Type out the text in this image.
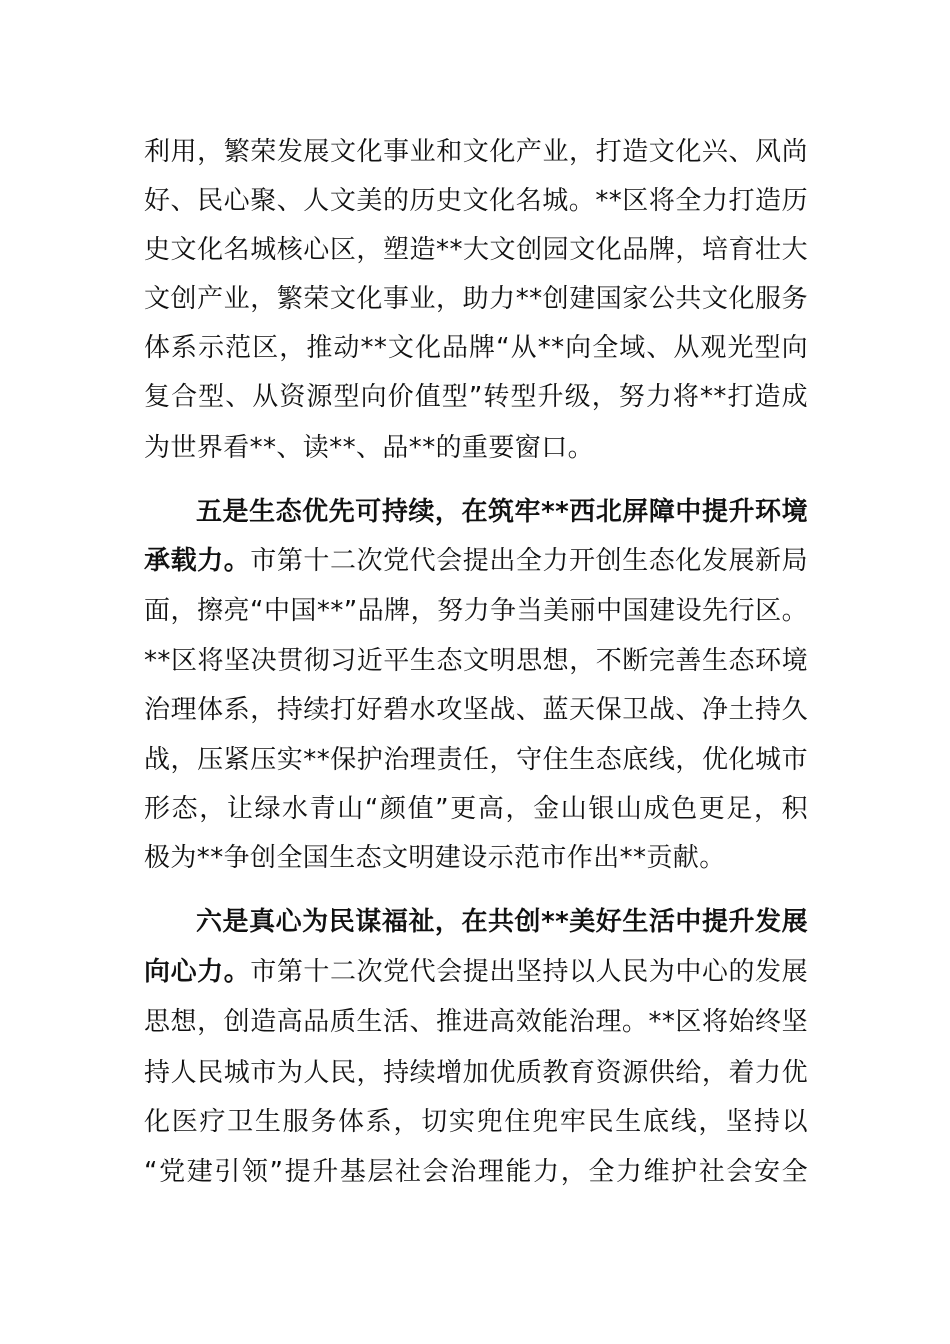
利用，繁荣发展文化事业和文化产业，打造文化兴、风尚
好、民心聚、人文美的历史文化名城。**区将全力打造历
史文化名城核心区，塑造**大文创园文化品牌，培育壮大
文创产业，繁荣文化事业，助力**创建国家公共文化服务
体系示范区，推动**文化品牌“从**向全域、从观光型向
复合型、从资源型向价值型”转型升级，努力将**打造成
为世界看**、读**、品**的重要窗口。
五是生态优先可持续，在筑牢**西北屏障中提升环境
承载力。市第十二次党代会提出全力开创生态化发展新局
面，擦亮“中国**”品牌，努力争当美丽中国建设先行区。
**区将坚决贯彻习近平生态文明思想，不断完善生态环境
治理体系，持续打好碧水攻坚战、蓝天保卫战、净土持久
战，压紧压实**保护治理责任，守住生态底线，优化城市
形态，让绿水青山“颜值”更高，金山银山成色更足，积
极为**争创全国生态文明建设示范市作出**贡献。
六是真心为民谋福祉，在共创**美好生活中提升发展
向心力。市第十二次党代会提出坚持以人民为中心的发展
思想，创造高品质生活、推进高效能治理。**区将始终坚
持人民城市为人民，持续增加优质教育资源供给，着力优
化医疗卫生服务体系，切实兜住兜牢民生底线，坚持以
“党建引领”提升基层社会治理能力，全力维护社会安全
